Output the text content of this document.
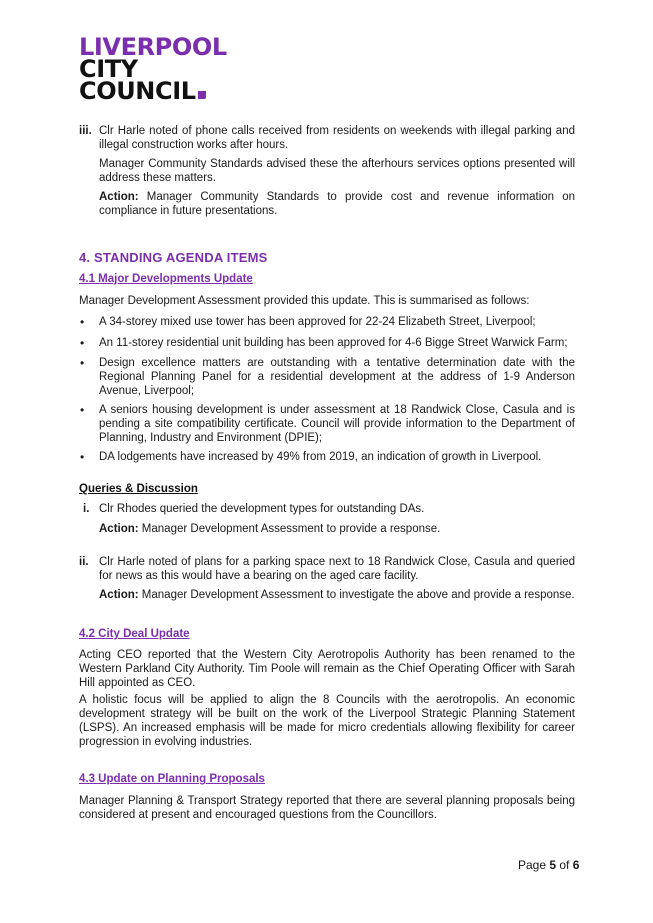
LIVERPOOL
CITY
COUNCIL
iii. Clr Harle noted of phone calls received from residents on weekends with illegal parking and illegal construction works after hours.
Manager Community Standards advised these the afterhours services options presented will address these matters.
Action: Manager Community Standards to provide cost and revenue information on compliance in future presentations.
4. STANDING AGENDA ITEMS
4.1 Major Developments Update
Manager Development Assessment provided this update. This is summarised as follows:
• A 34-storey mixed use tower has been approved for 22-24 Elizabeth Street, Liverpool;
• An 11-storey residential unit building has been approved for 4-6 Bigge Street Warwick Farm;
• Design excellence matters are outstanding with a tentative determination date with the Regional Planning Panel for a residential development at the address of 1-9 Anderson Avenue, Liverpool;
• A seniors housing development is under assessment at 18 Randwick Close, Casula and is pending a site compatibility certificate. Council will provide information to the Department of Planning, Industry and Environment (DPIE);
• DA lodgements have increased by 49% from 2019, an indication of growth in Liverpool.
Queries & Discussion
i. Clr Rhodes queried the development types for outstanding DAs.
Action: Manager Development Assessment to provide a response.
ii. Clr Harle noted of plans for a parking space next to 18 Randwick Close, Casula and queried for news as this would have a bearing on the aged care facility.
Action: Manager Development Assessment to investigate the above and provide a response.
4.2 City Deal Update
Acting CEO reported that the Western City Aerotropolis Authority has been renamed to the Western Parkland City Authority. Tim Poole will remain as the Chief Operating Officer with Sarah Hill appointed as CEO.
A holistic focus will be applied to align the 8 Councils with the aerotropolis. An economic development strategy will be built on the work of the Liverpool Strategic Planning Statement (LSPS). An increased emphasis will be made for micro credentials allowing flexibility for career progression in evolving industries.
4.3 Update on Planning Proposals
Manager Planning & Transport Strategy reported that there are several planning proposals being considered at present and encouraged questions from the Councillors.
Page 5 of 6
